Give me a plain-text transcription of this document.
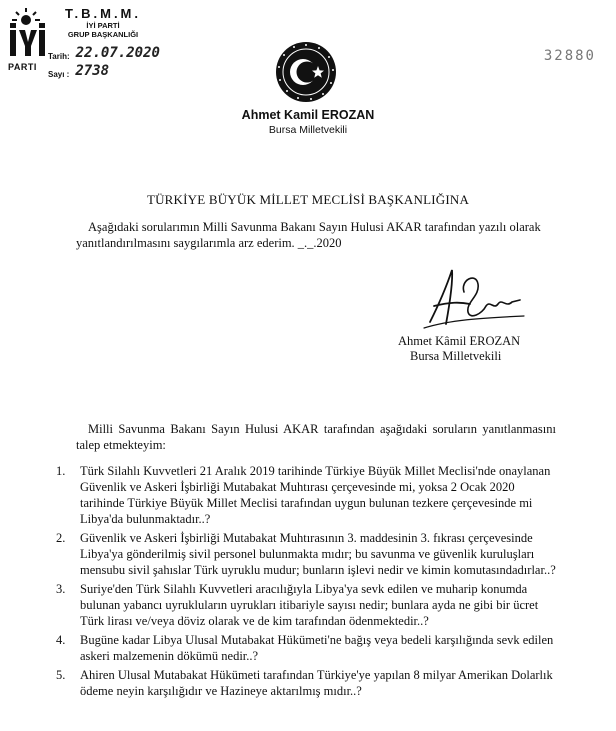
PARTI
T.B.M.M.
İYİ PARTİ
GRUP BAŞKANLIĞI
Tarih: 22.07.2020
Sayı : 2738
32880
Ahmet Kamil EROZAN
Bursa Milletvekili
TÜRKİYE BÜYÜK MİLLET MECLİSİ BAŞKANLIĞINA
Aşağıdaki sorularımın Milli Savunma Bakanı Sayın Hulusi AKAR tarafından yazılı olarak yanıtlandırılmasını saygılarımla arz ederim. _._.2020
Ahmet Kâmil EROZAN
Bursa Milletvekili
Milli Savunma Bakanı Sayın Hulusi AKAR tarafından aşağıdaki soruların yanıtlanmasını talep etmekteyim:
1.	Türk Silahlı Kuvvetleri 21 Aralık 2019 tarihinde Türkiye Büyük Millet Meclisi'nde onaylanan Güvenlik ve Askeri İşbirliği Mutabakat Muhtırası çerçevesinde mi, yoksa 2 Ocak 2020 tarihinde Türkiye Büyük Millet Meclisi tarafından uygun bulunan tezkere çerçevesinde mi Libya'da bulunmaktadır..?
2.	Güvenlik ve Askeri İşbirliği Mutabakat Muhtırasının 3. maddesinin 3. fıkrası çerçevesinde Libya'ya gönderilmiş sivil personel bulunmakta mıdır; bu savunma ve güvenlik kuruluşları mensubu sivil şahıslar Türk uyruklu mudur; bunların işlevi nedir ve kimin komutasındadırlar..?
3.	Suriye'den Türk Silahlı Kuvvetleri aracılığıyla Libya'ya sevk edilen ve muharip konumda bulunan yabancı uyrukluların uyrukları itibariyle sayısı nedir; bunlara ayda ne gibi bir ücret Türk lirası ve/veya döviz olarak ve de kim tarafından ödenmektedir..?
4.	Bugüne kadar Libya Ulusal Mutabakat Hükümeti'ne bağış veya bedeli karşılığında sevk edilen askeri malzemenin dökümü nedir..?
5.	Ahiren Ulusal Mutabakat Hükümeti tarafından Türkiye'ye yapılan 8 milyar Amerikan Dolarlık ödeme neyin karşılığıdır ve Hazineye aktarılmış mıdır..?
